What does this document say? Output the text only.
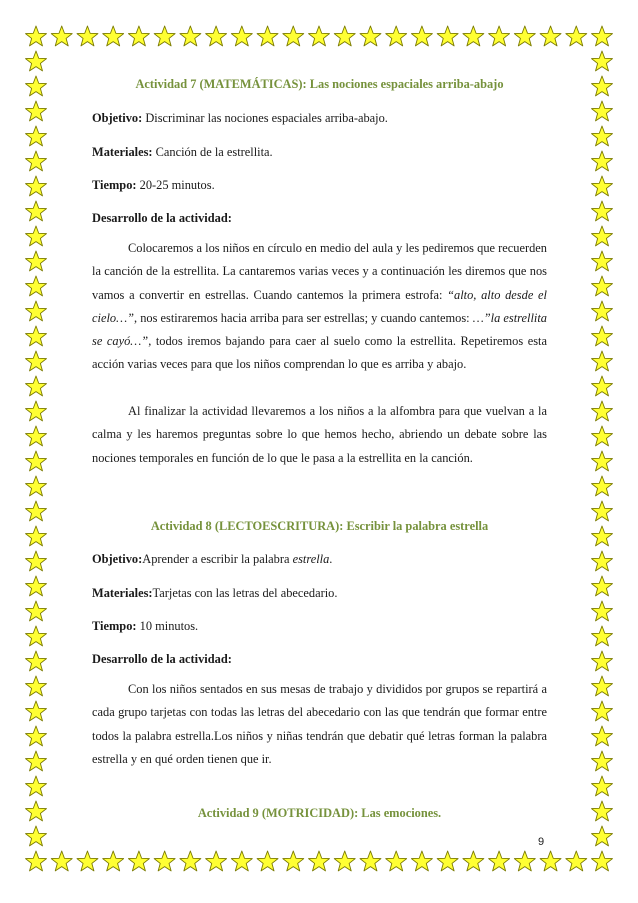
Actividad 7 (MATEMÁTICAS): Las nociones espaciales arriba-abajo
Objetivo: Discriminar las nociones espaciales arriba-abajo.
Materiales: Canción de la estrellita.
Tiempo: 20-25 minutos.
Desarrollo de la actividad:

Colocaremos a los niños en círculo en medio del aula y les pediremos que recuerden la canción de la estrellita. La cantaremos varias veces y a continuación les diremos que nos vamos a convertir en estrellas. Cuando cantemos la primera estrofa: “alto, alto desde el cielo…”, nos estiraremos hacia arriba para ser estrellas; y cuando cantemos: …”la estrellita se cayó…”, todos iremos bajando para caer al suelo como la estrellita. Repetiremos esta acción varias veces para que los niños comprendan lo que es arriba y abajo.

Al finalizar la actividad llevaremos a los niños a la alfombra para que vuelvan a la calma y les haremos preguntas sobre lo que hemos hecho, abriendo un debate sobre las nociones temporales en función de lo que le pasa a la estrellita en la canción.

Actividad 8 (LECTOESCRITURA): Escribir la palabra estrella
Objetivo:Aprender a escribir la palabra estrella.
Materiales:Tarjetas con las letras del abecedario.
Tiempo: 10 minutos.
Desarrollo de la actividad:

Con los niños sentados en sus mesas de trabajo y divididos por grupos se repartirá a cada grupo tarjetas con todas las letras del abecedario con las que tendrán que formar entre todos la palabra estrella.Los niños y niñas tendrán que debatir qué letras forman la palabra estrella y en qué orden tienen que ir.

Actividad 9 (MOTRICIDAD): Las emociones.
9
